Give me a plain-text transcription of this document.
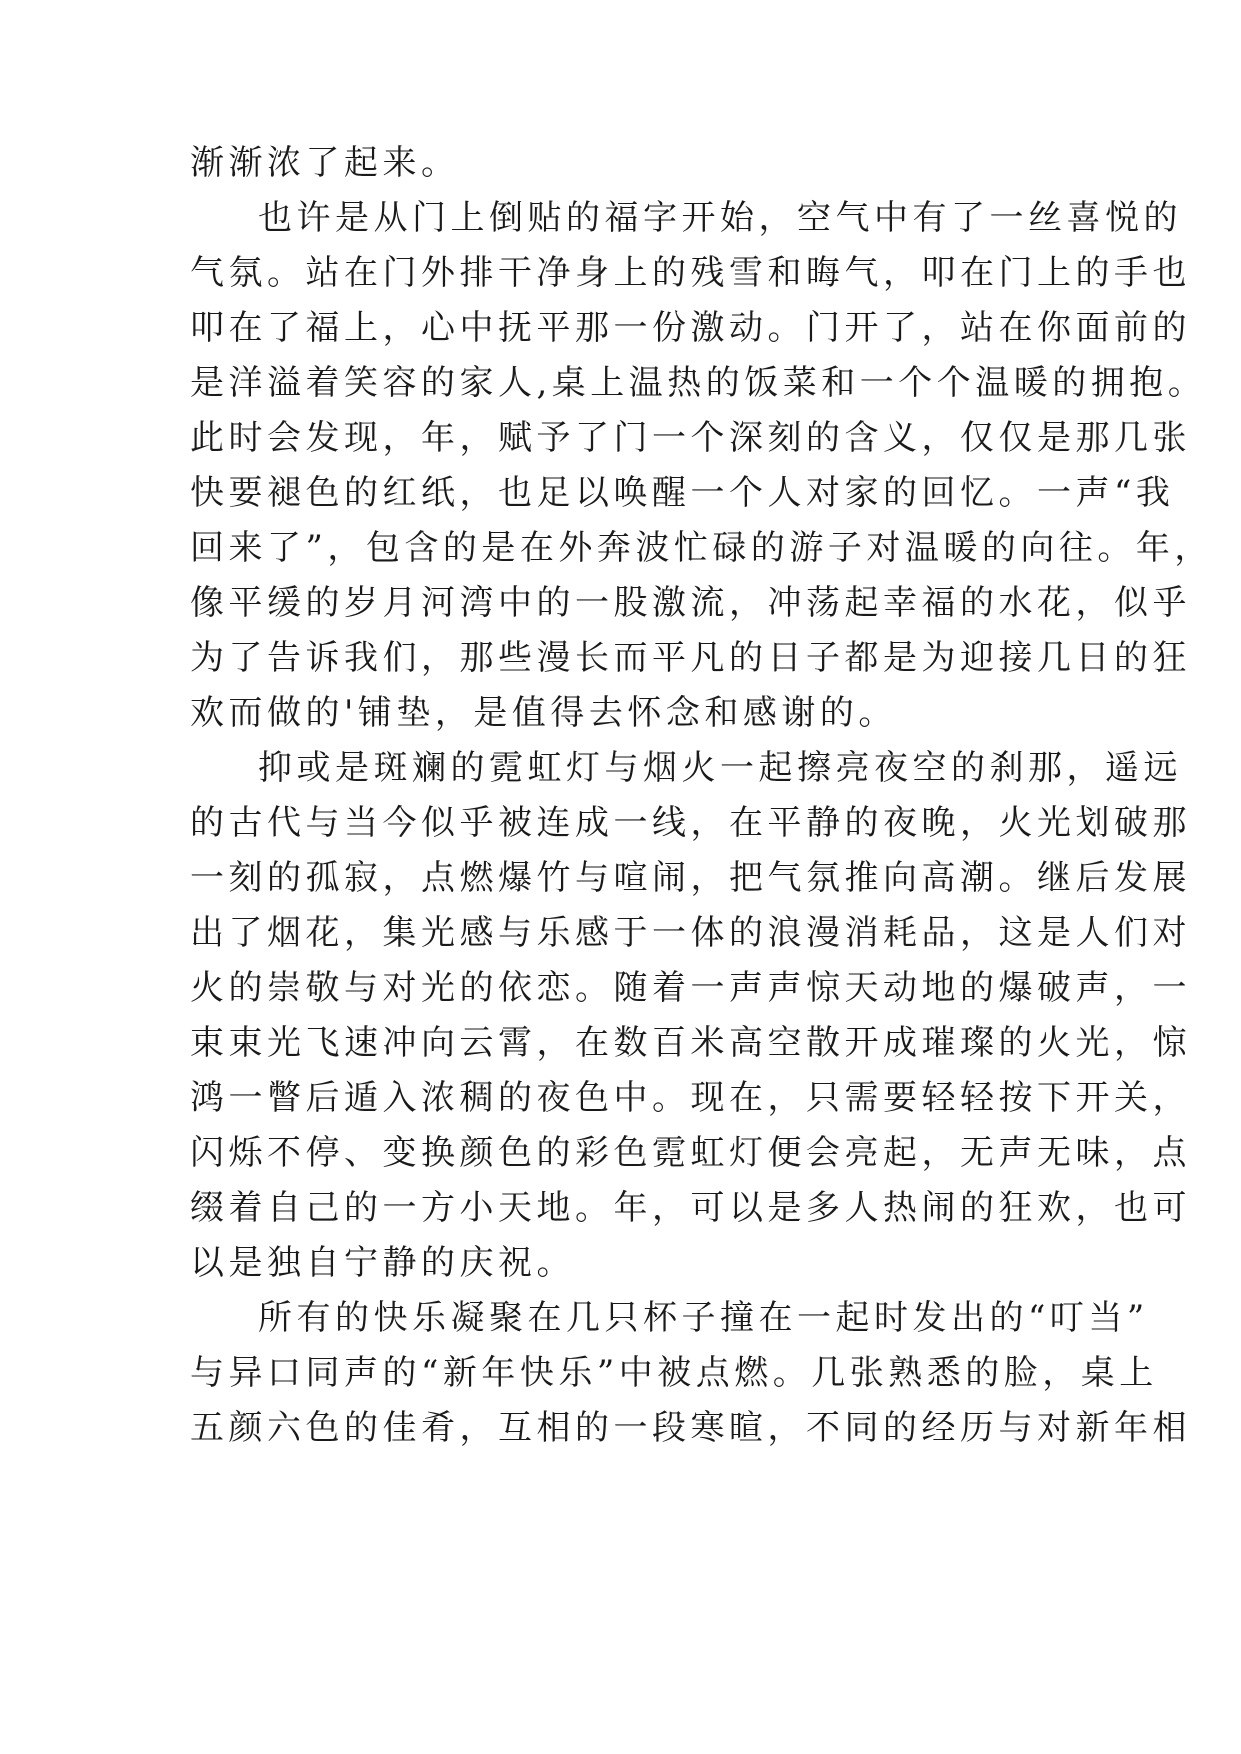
渐渐浓了起来。
也许是从门上倒贴的福字开始，空气中有了一丝喜悦的
气氛。站在门外排干净身上的残雪和晦气，叩在门上的手也
叩在了福上，心中抚平那一份激动。门开了，站在你面前的
是洋溢着笑容的家人,桌上温热的饭菜和一个个温暖的拥抱。
此时会发现，年，赋予了门一个深刻的含义，仅仅是那几张
快要褪色的红纸，也足以唤醒一个人对家的回忆。一声“我
回来了”，包含的是在外奔波忙碌的游子对温暖的向往。年，
像平缓的岁月河湾中的一股激流，冲荡起幸福的水花，似乎
为了告诉我们，那些漫长而平凡的日子都是为迎接几日的狂
欢而做的'铺垫，是值得去怀念和感谢的。
抑或是斑斓的霓虹灯与烟火一起擦亮夜空的刹那，遥远
的古代与当今似乎被连成一线，在平静的夜晚，火光划破那
一刻的孤寂，点燃爆竹与喧闹，把气氛推向高潮。继后发展
出了烟花，集光感与乐感于一体的浪漫消耗品，这是人们对
火的崇敬与对光的依恋。随着一声声惊天动地的爆破声，一
束束光飞速冲向云霄，在数百米高空散开成璀璨的火光，惊
鸿一瞥后遁入浓稠的夜色中。现在，只需要轻轻按下开关，
闪烁不停、变换颜色的彩色霓虹灯便会亮起，无声无味，点
缀着自己的一方小天地。年，可以是多人热闹的狂欢，也可
以是独自宁静的庆祝。
所有的快乐凝聚在几只杯子撞在一起时发出的“叮当”
与异口同声的“新年快乐”中被点燃。几张熟悉的脸，桌上
五颜六色的佳肴，互相的一段寒暄，不同的经历与对新年相
